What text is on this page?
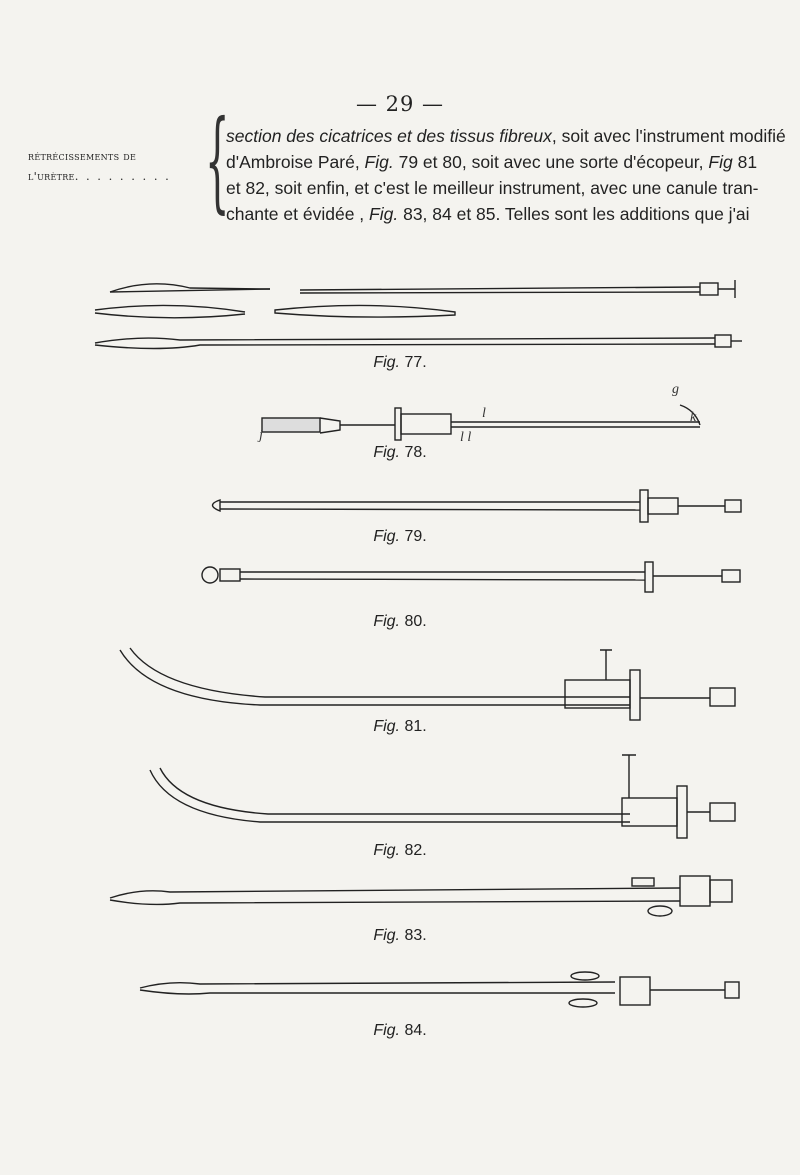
— 29 —
rétrécissements de
l'urètre. . . . . . . . . {
section des cicatrices et des tissus fibreux, soit avec l'instrument modifié
d'Ambroise Paré, Fig. 79 et 80, soit avec une sorte d'écopeur, Fig 81
et 82, soit enfin, et c'est le meilleur instrument, avec une canule tran-
chante et évidée , Fig. 83, 84 et 85. Telles sont les additions que j'ai
j
l
l l
g
k
Fig. 77.
Fig. 78.
Fig. 79.
Fig. 80.
Fig. 81.
Fig. 82.
Fig. 83.
Fig. 84.
